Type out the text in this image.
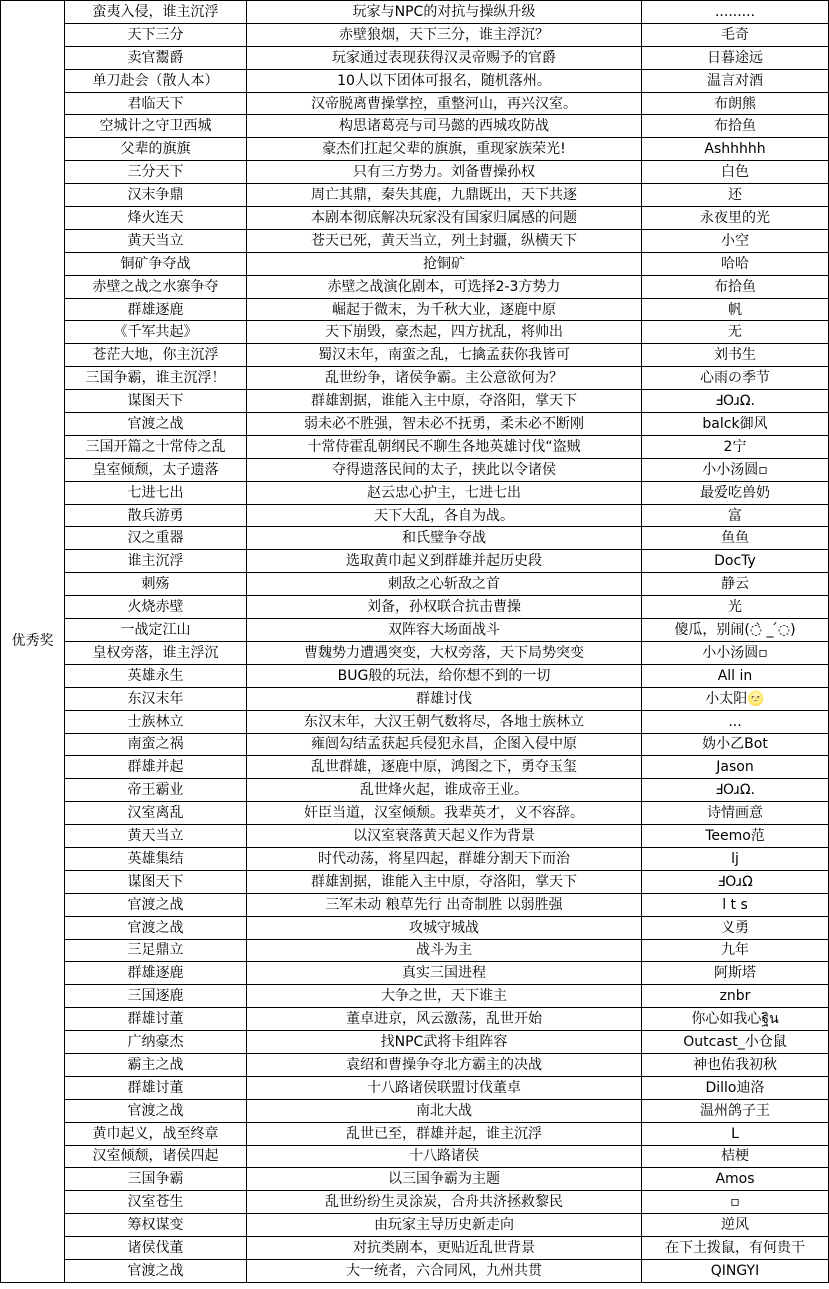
优秀奖	蛮夷入侵，谁主沉浮	玩家与NPC的对抗与操纵升级	.........
	天下三分	赤壁狼烟，天下三分，谁主浮沉？	毛奇
	卖官鬻爵	玩家通过表现获得汉灵帝赐予的官爵	日暮途远
	单刀赴会（散人本）	10人以下团体可报名，随机落州。	温言对酒
	君临天下	汉帝脱离曹操掌控，重整河山，再兴汉室。	布朗熊
	空城计之守卫西城	构思诸葛亮与司马懿的西城攻防战	布拾鱼
	父辈的旗旗	豪杰们扛起父辈的旗旗，重现家族荣光!	Ashhhhh
	三分天下	只有三方势力。刘备曹操孙权	白色
	汉末争鼎	周亡其鼎，秦失其鹿，九鼎既出，天下共逐	还
	烽火连天	本剧本彻底解决玩家没有国家归属感的问题	永夜里的光
	黄天当立	苍天已死，黄天当立，列土封疆，纵横天下	小空
	铜矿争夺战	抢铜矿	哈哈
	赤壁之战之水寨争夺	赤壁之战演化剧本，可选择2-3方势力	布拾鱼
	群雄逐鹿	崛起于微末，为千秋大业，逐鹿中原	帆
	《千军共起》	天下崩毁，豪杰起，四方扰乱，将帅出	无
	苍茫大地，你主沉浮	蜀汉末年，南蛮之乱，七擒孟获你我皆可	刘书生
	三国争霸，谁主沉浮！	乱世纷争，诸侯争霸。主公意欲何为？	心雨の季节
	谋图天下	群雄割据，谁能入主中原，夺洛阳，掌天下	ℲOɹΩ.
	官渡之战	弱未必不胜强，智未必不抚勇，柔未必不断刚	balck御风
	三国开篇之十常侍之乱	十常侍霍乱朝纲民不聊生各地英雄讨伐“盗贼	2宁
	皇室倾颓，太子遗落	夺得遗落民间的太子，挟此以令诸侯	小小汤圆▫
	七进七出	赵云忠心护主，七进七出	最爱吃兽奶
	散兵游勇	天下大乱，各自为战。	富
	汉之重器	和氏璧争夺战	鱼鱼
	谁主沉浮	选取黄巾起义到群雄并起历史段	DocTy
	刺殇	刺敌之心斩敌之首	静云
	火烧赤壁	刘备，孙权联合抗击曹操	光
	一战定江山	双阵容大场面战斗	傻瓜，别闹(◌̀ _ ́◌)
	皇权旁落，谁主浮沉	曹魏势力遭遇突变，大权旁落，天下局势突变	小小汤圆▫
	英雄永生	BUG般的玩法，给你想不到的一切	All in
	东汉末年	群雄讨伐	小太阳🌝
	士族林立	东汉末年，大汉王朝气数将尽，各地士族林立	...
	南蛮之祸	雍闿勾结孟获起兵侵犯永昌，企图入侵中原	妫小乙Bot
	群雄并起	乱世群雄，逐鹿中原，鸿图之下，勇夺玉玺	Jason
	帝王霸业	乱世烽火起，谁成帝王业。	ℲOɹΩ.
	汉室离乱	奸臣当道，汉室倾颓。我辈英才，义不容辞。	诗情画意
	黄天当立	以汉室衰落黄天起义作为背景	Teemo范
	英雄集结	时代动荡，将星四起，群雄分割天下而治	lj
	谋图天下	群雄割据，谁能入主中原，夺洛阳，掌天下	ℲOɹΩ
	官渡之战	三军未动 粮草先行 出奇制胜 以弱胜强	l t s
	官渡之战	攻城守城战	义勇
	三足鼎立	战斗为主	九年
	群雄逐鹿	真实三国进程	阿斯塔
	三国逐鹿	大争之世，天下谁主	znbr
	群雄讨董	董卓进京，风云激荡，乱世开始	你心如我心ฐิน
	广纳豪杰	找NPC武将卡组阵容	Outcast_小仓鼠
	霸主之战	袁绍和曹操争夺北方霸主的决战	神也佑我初秋
	群雄讨董	十八路诸侯联盟讨伐董卓	Dillo迪洛
	官渡之战	南北大战	温州鸽子王
	黄巾起义，战至终章	乱世已至，群雄并起，谁主沉浮	L
	汉室倾颓，诸侯四起	十八路诸侯	桔梗
	三国争霸	以三国争霸为主题	Amos
	汉室苍生	乱世纷纷生灵涂炭，合舟共济拯救黎民	▫
	筹权谋变	由玩家主导历史新走向	逆风
	诸侯伐董	对抗类剧本，更贴近乱世背景	在下土拨鼠，有何贵干
	官渡之战	大一统者，六合同风，九州共贯	QINGYI
